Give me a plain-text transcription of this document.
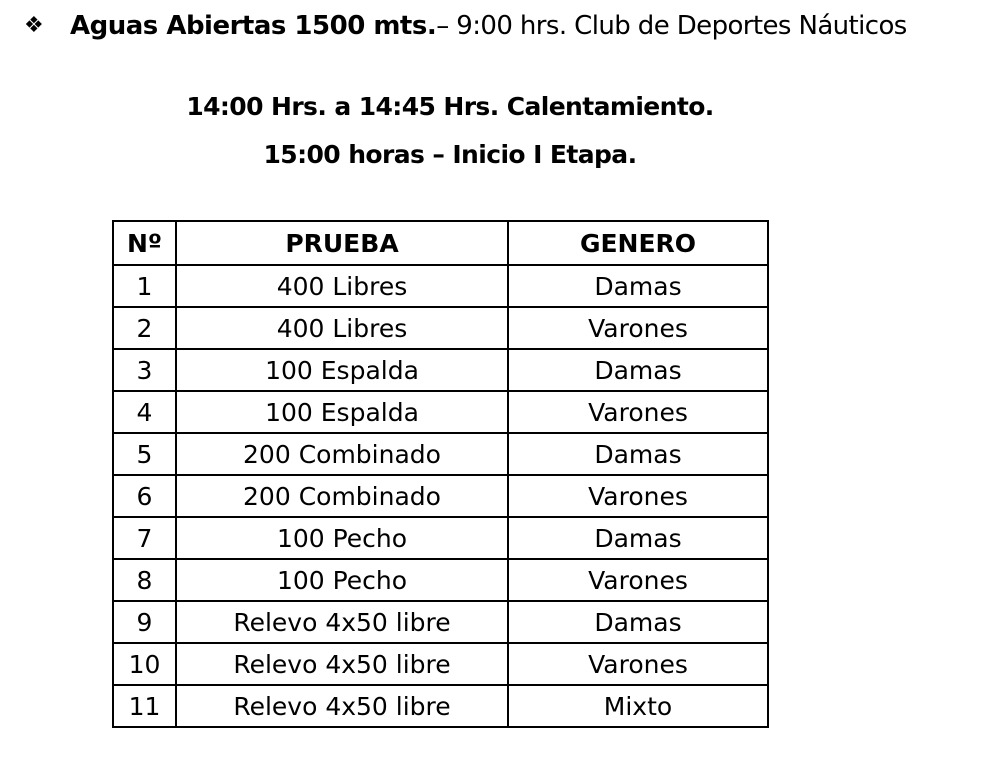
❖ Aguas Abiertas 1500 mts. – 9:00 hrs. Club de Deportes Náuticos
14:00 Hrs. a 14:45 Hrs. Calentamiento.
15:00 horas – Inicio I Etapa.
Nº	PRUEBA	GENERO
1	400 Libres	Damas
2	400 Libres	Varones
3	100 Espalda	Damas
4	100 Espalda	Varones
5	200 Combinado	Damas
6	200 Combinado	Varones
7	100 Pecho	Damas
8	100 Pecho	Varones
9	Relevo 4x50 libre	Damas
10	Relevo 4x50 libre	Varones
11	Relevo 4x50 libre	Mixto
